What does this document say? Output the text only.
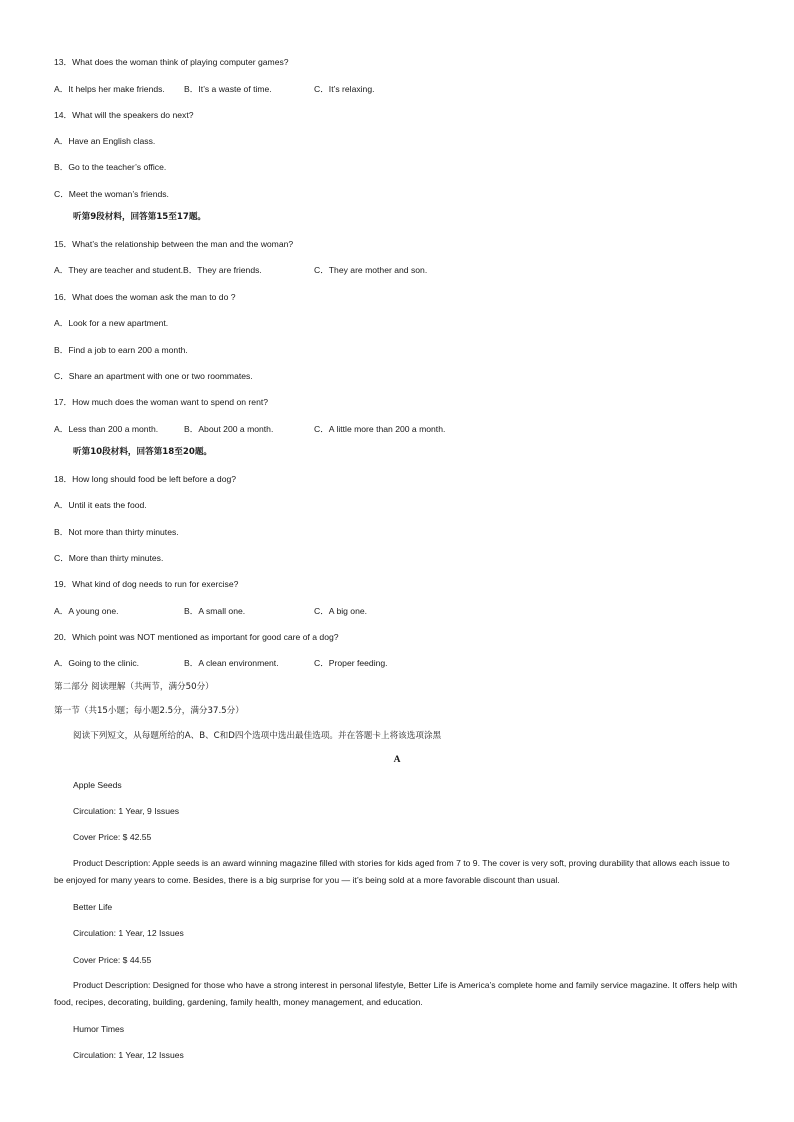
13．What does the woman think of playing computer games?
A．It helps her make friends. B．It’s a waste of time.	C．It’s relaxing.
14．What will the speakers do next?
A．Have an English class.
B．Go to the teacher’s office.
C．Meet the woman’s friends.
听第9段材料，回答第15至17题。
15．What’s the relationship between the man and the woman?
A．They are teacher and student.B．They are friends.	C．They are mother and son.
16．What does the woman ask the man to do ?
A．Look for a new apartment.
B．Find a job to earn 200 a month.
C．Share an apartment with one or two roommates.
17．How much does the woman want to spend on rent?
A．Less than 200 a month.	B．About 200 a month.	C．A little more than 200 a month.
听第10段材料，回答第18至20题。
18．How long should food be left before a dog?
A．Until it eats the food.
B．Not more than thirty minutes.
C．More than thirty minutes.
19．What kind of dog needs to run for exercise?
A．A young one.	B．A small one.	C．A big one.
20．Which point was NOT mentioned as important for good care of a dog?
A．Going to the clinic.	B．A clean environment.	C．Proper feeding.
第二部分 阅读理解（共两节，满分50分）
第一节（共15小题；每小题2.5分，满分37.5分）
阅读下列短文，从每题所给的A、B、C和D四个选项中选出最佳选项。并在答题卡上将该选项涂黑
A
Apple Seeds
Circulation: 1 Year, 9 Issues
Cover Price: $ 42.55
Product Description: Apple seeds is an award winning magazine filled with stories for kids aged from 7 to 9. The cover is very soft, proving durability that allows each issue to be enjoyed for many years to come. Besides, there is a big surprise for you — it’s being sold at a more favorable discount than usual.
Better Life
Circulation: 1 Year, 12 Issues
Cover Price: $ 44.55
Product Description: Designed for those who have a strong interest in personal lifestyle, Better Life is America’s complete home and family service magazine. It offers help with food, recipes, decorating, building, gardening, family health, money management, and education.
Humor Times
Circulation: 1 Year, 12 Issues
